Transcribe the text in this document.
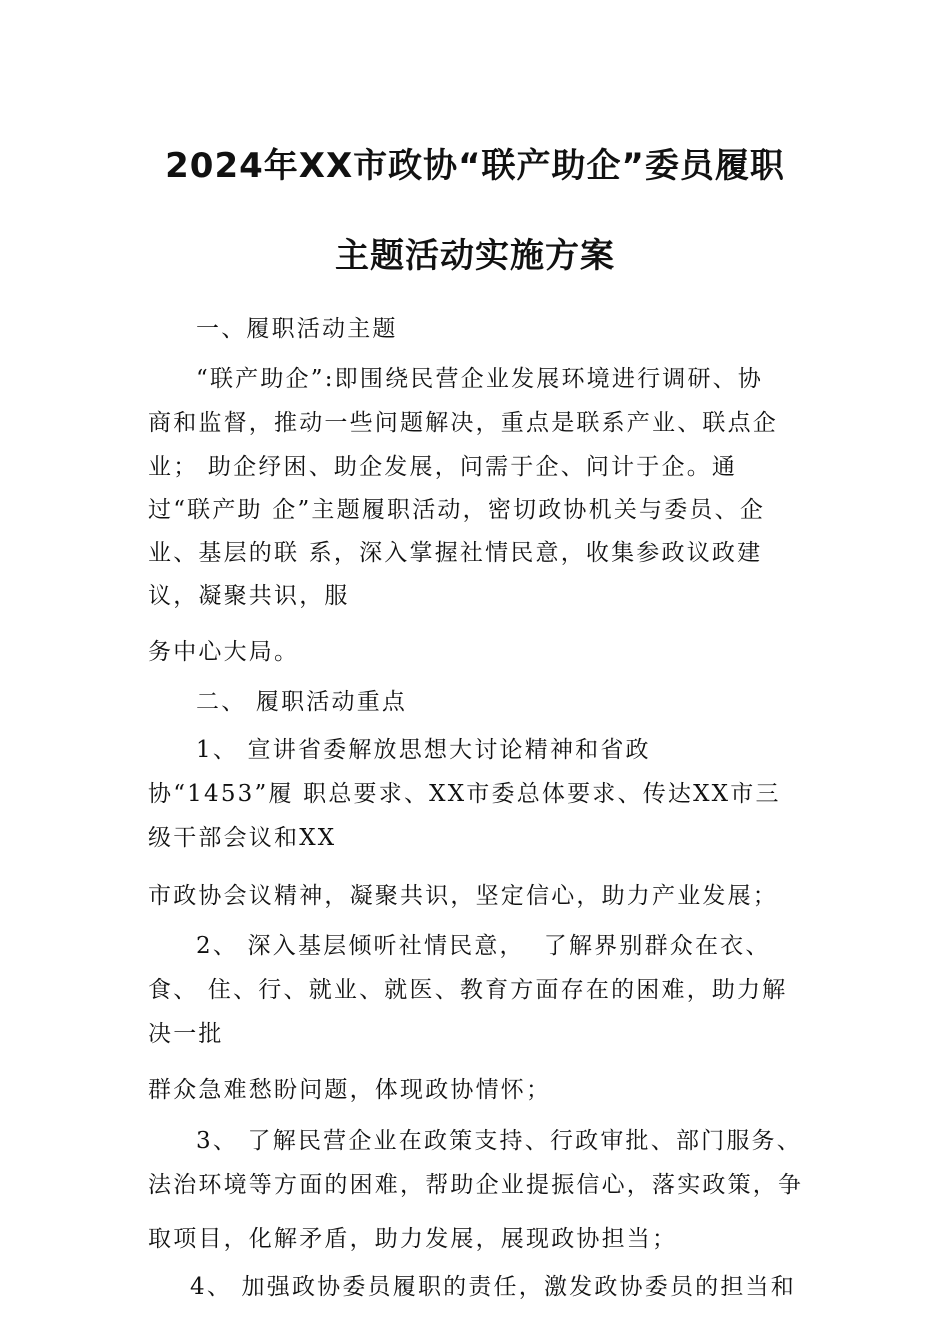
2024年XX市政协“联产助企”委员履职
主题活动实施方案

一、履职活动主题

“联产助企”:即围绕民营企业发展环境进行调研、协

商和监督，推动一些问题解决，重点是联系产业、联点企

业； 助企纾困、助企发展，问需于企、问计于企。通

过“联产助 企”主题履职活动，密切政协机关与委员、企

业、基层的联 系，深入掌握社情民意，收集参政议政建

议，凝聚共识，服

务中心大局。

二、 履职活动重点

1、 宣讲省委解放思想大讨论精神和省政

协“1453”履 职总要求、XX市委总体要求、传达XX市三

级干部会议和XX

市政协会议精神，凝聚共识，坚定信心，助力产业发展；

2、 深入基层倾听社情民意，  了解界别群众在衣、

食、 住、行、就业、就医、教育方面存在的困难，助力解

决一批

群众急难愁盼问题，体现政协情怀；

3、 了解民营企业在政策支持、行政审批、部门服务、

法治环境等方面的困难，帮助企业提振信心，落实政策，争

取项目，化解矛盾，助力发展，展现政协担当；

4、 加强政协委员履职的责任，激发政协委员的担当和
